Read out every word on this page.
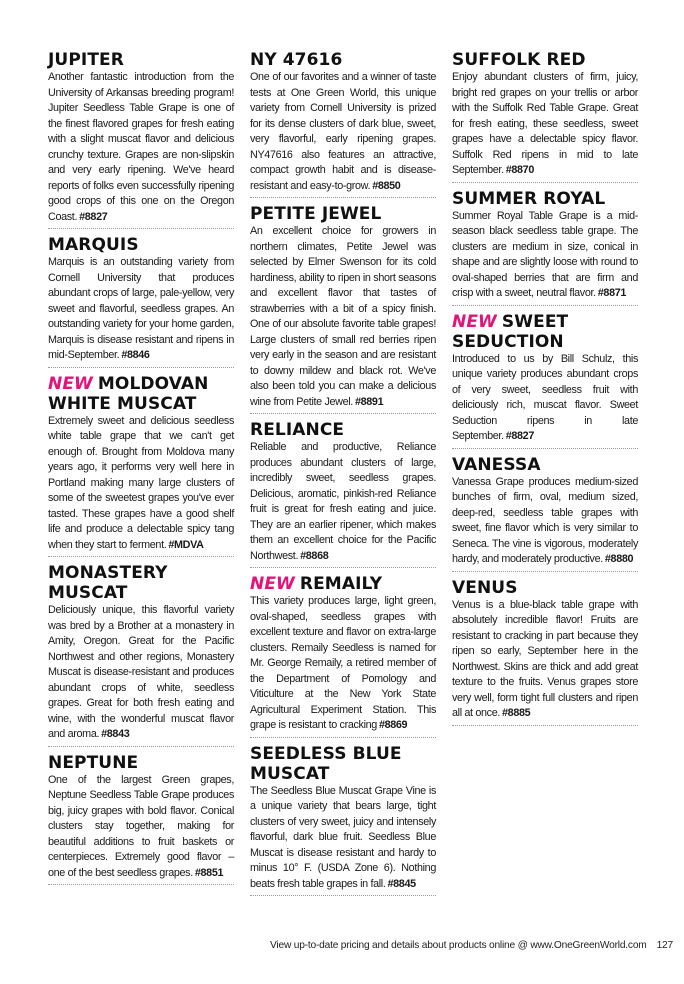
JUPITER

Another fantastic introduction from the University of Arkansas breeding program! Jupiter Seedless Table Grape is one of the finest flavored grapes for fresh eating with a slight muscat flavor and delicious crunchy texture. Grapes are non-slipskin and very early ripening. We've heard reports of folks even successfully ripening good crops of this one on the Oregon Coast. #8827

MARQUIS

Marquis is an outstanding variety from Cornell University that produces abundant crops of large, pale-yellow, very sweet and flavorful, seedless grapes. An outstanding variety for your home garden, Marquis is disease resistant and ripens in mid-September. #8846

NEW MOLDOVAN WHITE MUSCAT

Extremely sweet and delicious seedless white table grape that we can't get enough of. Brought from Moldova many years ago, it performs very well here in Portland making many large clusters of some of the sweetest grapes you've ever tasted. These grapes have a good shelf life and produce a delectable spicy tang when they start to ferment. #MDVA

MONASTERY MUSCAT

Deliciously unique, this flavorful variety was bred by a Brother at a monastery in Amity, Oregon. Great for the Pacific Northwest and other regions, Monastery Muscat is disease-resistant and produces abundant crops of white, seedless grapes. Great for both fresh eating and wine, with the wonderful muscat flavor and aroma. #8843

NEPTUNE

One of the largest Green grapes, Neptune Seedless Table Grape produces big, juicy grapes with bold flavor. Conical clusters stay together, making for beautiful additions to fruit baskets or centerpieces. Extremely good flavor – one of the best seedless grapes. #8851

NY 47616

One of our favorites and a winner of taste tests at One Green World, this unique variety from Cornell University is prized for its dense clusters of dark blue, sweet, very flavorful, early ripening grapes. NY47616 also features an attractive, compact growth habit and is disease-resistant and easy-to-grow. #8850

PETITE JEWEL

An excellent choice for growers in northern climates, Petite Jewel was selected by Elmer Swenson for its cold hardiness, ability to ripen in short seasons and excellent flavor that tastes of strawberries with a bit of a spicy finish. One of our absolute favorite table grapes! Large clusters of small red berries ripen very early in the season and are resistant to downy mildew and black rot. We've also been told you can make a delicious wine from Petite Jewel. #8891

RELIANCE

Reliable and productive, Reliance produces abundant clusters of large, incredibly sweet, seedless grapes. Delicious, aromatic, pinkish-red Reliance fruit is great for fresh eating and juice. They are an earlier ripener, which makes them an excellent choice for the Pacific Northwest. #8868

NEW REMAILY

This variety produces large, light green, oval-shaped, seedless grapes with excellent texture and flavor on extra-large clusters. Remaily Seedless is named for Mr. George Remaily, a retired member of the Department of Pomology and Viticulture at the New York State Agricultural Experiment Station. This grape is resistant to cracking #8869

SEEDLESS BLUE MUSCAT

The Seedless Blue Muscat Grape Vine is a unique variety that bears large, tight clusters of very sweet, juicy and intensely flavorful, dark blue fruit. Seedless Blue Muscat is disease resistant and hardy to minus 10° F. (USDA Zone 6). Nothing beats fresh table grapes in fall. #8845

SUFFOLK RED

Enjoy abundant clusters of firm, juicy, bright red grapes on your trellis or arbor with the Suffolk Red Table Grape. Great for fresh eating, these seedless, sweet grapes have a delectable spicy flavor. Suffolk Red ripens in mid to late September. #8870

SUMMER ROYAL

Summer Royal Table Grape is a mid-season black seedless table grape. The clusters are medium in size, conical in shape and are slightly loose with round to oval-shaped berries that are firm and crisp with a sweet, neutral flavor. #8871

NEW SWEET SEDUCTION

Introduced to us by Bill Schulz, this unique variety produces abundant crops of very sweet, seedless fruit with deliciously rich, muscat flavor. Sweet Seduction ripens in late September. #8827

VANESSA

Vanessa Grape produces medium-sized bunches of firm, oval, medium sized, deep-red, seedless table grapes with sweet, fine flavor which is very similar to Seneca. The vine is vigorous, moderately hardy, and moderately productive. #8880

VENUS

Venus is a blue-black table grape with absolutely incredible flavor! Fruits are resistant to cracking in part because they ripen so early, September here in the Northwest. Skins are thick and add great texture to the fruits. Venus grapes store very well, form tight full clusters and ripen all at once. #8885

View up-to-date pricing and details about products online @ www.OneGreenWorld.com 127
